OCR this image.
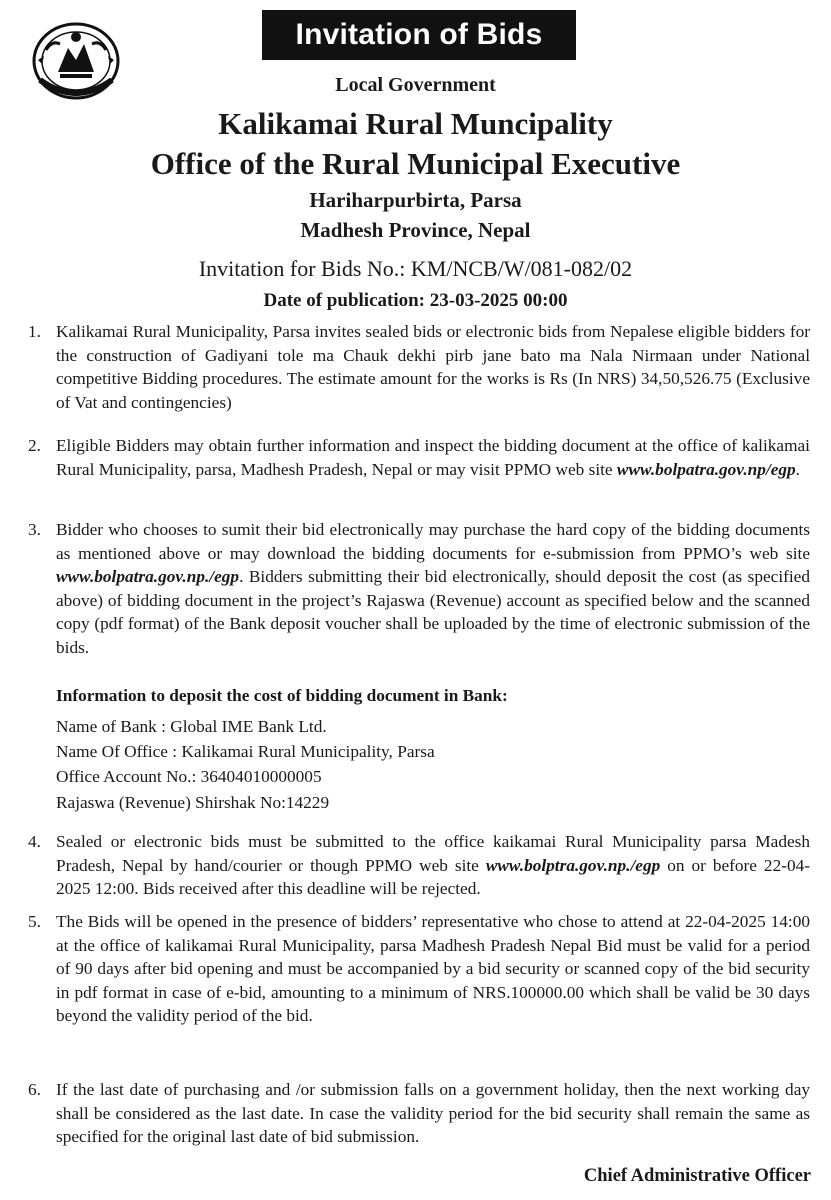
Invitation of Bids
Local Government
Kalikamai Rural Muncipality
Office of the Rural Municipal Executive
Hariharpurbirta, Parsa
Madhesh Province, Nepal
Invitation for Bids No.: KM/NCB/W/081-082/02
Date of publication: 23-03-2025 00:00
1. Kalikamai Rural Municipality, Parsa invites sealed bids or electronic bids from Nepalese eligible bidders for the construction of Gadiyani tole ma Chauk dekhi pirb jane bato ma Nala Nirmaan under National competitive Bidding procedures. The estimate amount for the works is Rs (In NRS) 34,50,526.75 (Exclusive of Vat and contingencies)
2. Eligible Bidders may obtain further information and inspect the bidding document at the office of kalikamai Rural Municipality, parsa, Madhesh Pradesh, Nepal or may visit PPMO web site www.bolpatra.gov.np/egp.
3. Bidder who chooses to sumit their bid electronically may purchase the hard copy of the bidding documents as mentioned above or may download the bidding documents for e-submission from PPMO’s web site www.bolpatra.gov.np./egp. Bidders submitting their bid electronically, should deposit the cost (as specified above) of bidding document in the project’s Rajaswa (Revenue) account as specified below and the scanned copy (pdf format) of the Bank deposit voucher shall be uploaded by the time of electronic submission of the bids.
Information to deposit the cost of bidding document in Bank:
Name of Bank : Global IME Bank Ltd.
Name Of Office : Kalikamai Rural Municipality, Parsa
Office Account No.: 36404010000005
Rajaswa (Revenue) Shirshak No:14229
4. Sealed or electronic bids must be submitted to the office kaikamai Rural Municipality parsa Madesh Pradesh, Nepal by hand/courier or though PPMO web site www.bolptra.gov.np./egp on or before 22-04-2025 12:00. Bids received after this deadline will be rejected.
5. The Bids will be opened in the presence of bidders’ representative who chose to attend at 22-04-2025 14:00 at the office of kalikamai Rural Municipality, parsa Madhesh Pradesh Nepal Bid must be valid for a period of 90 days after bid opening and must be accompanied by a bid security or scanned copy of the bid security in pdf format in case of e-bid, amounting to a minimum of NRS.100000.00 which shall be valid be 30 days beyond the validity period of the bid.
6. If the last date of purchasing and /or submission falls on a government holiday, then the next working day shall be considered as the last date. In case the validity period for the bid security shall remain the same as specified for the original last date of bid submission.
Chief Administrative Officer
